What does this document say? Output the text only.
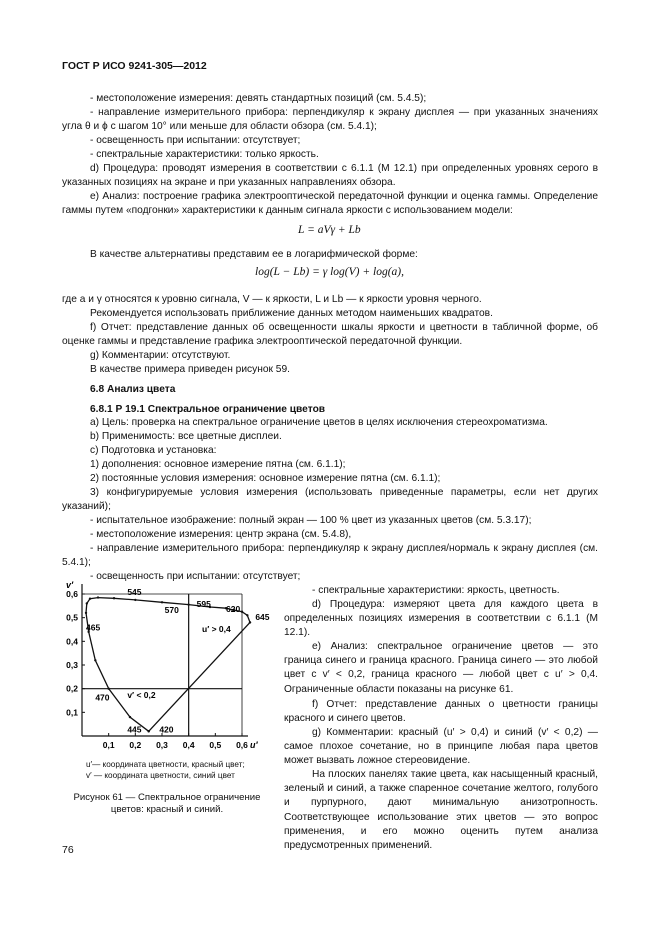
ГОСТ Р ИСО 9241-305—2012

- местоположение измерения: девять стандартных позиций (см. 5.4.5);

- направление измерительного прибора: перпендикуляр к экрану дисплея — при указанных значениях угла θ и ϕ с шагом 10° или меньше для области обзора (см. 5.4.1);

- освещенность при испытании: отсутствует;

- спектральные характеристики: только яркость.

d) Процедура: проводят измерения в соответствии с 6.1.1 (М 12.1) при определенных уровнях серого в указанных позициях на экране и при указанных направлениях обзора.

e) Анализ: построение графика электрооптической передаточной функции и оценка гаммы. Определение гаммы путем «подгонки» характеристики к данным сигнала яркости с использованием модели:

L = aVγ + Lb

В качестве альтернативы представим ее в логарифмической форме:

log(L − Lb) = γ log(V) + log(a),

где a и γ относятся к уровню сигнала, V — к яркости, L и Lb — к яркости уровня черного.

Рекомендуется использовать приближение данных методом наименьших квадратов.

f) Отчет: представление данных об освещенности шкалы яркости и цветности в табличной форме, об оценке гаммы и представление графика электрооптической передаточной функции.

g) Комментарии: отсутствуют.

В качестве примера приведен рисунок 59.

6.8 Анализ цвета

6.8.1 Р 19.1 Спектральное ограничение цветов

а) Цель: проверка на спектральное ограничение цветов в целях исключения стереохроматизма.

b) Применимость: все цветные дисплеи.

c) Подготовка и установка:

1) дополнения: основное измерение пятна (см. 6.1.1);

2) постоянные условия измерения: основное измерение пятна (см. 6.1.1);

3) конфигурируемые условия измерения (использовать приведенные параметры, если нет других указаний);

- испытательное изображение: полный экран — 100 % цвет из указанных цветов (см. 5.3.17);

- местоположение измерения: центр экрана (см. 5.4.8),

- направление измерительного прибора: перпендикуляр к экрану дисплея/нормаль к экрану дисплея (см. 5.4.1);

- освещенность при испытании: отсутствует;

- спектральные характеристики: яркость, цветность.

d) Процедура: измеряют цвета для каждого цвета в определенных позициях измерения в соответствии с 6.1.1 (М 12.1).

e) Анализ: спектральное ограничение цветов — это граница синего и граница красного. Граница синего — это любой цвет с v′ < 0,2, граница красного — любой цвет с u′ > 0,4. Ограниченные области показаны на рисунке 61.

f) Отчет: представление данных о цветности границы красного и синего цветов.

g) Комментарии: красный (u′ > 0,4) и синий (v′ < 0,2) — самое плохое сочетание, но в принципе любая пара цветов может вызвать ложное стереовидение.

На плоских панелях такие цвета, как насыщенный красный, зеленый и синий, а также спаренное сочетание желтого, голубого и пурпурного, дают минимальную анизотропность. Соответствующее использование этих цветов — это вопрос применения, и его можно оценить путем анализа предусмотренных применений.

0,1 0,2 0,3 0,4 0,5 0,6
0,1
0,2
0,3
0,4
0,5
0,6
u′
v′
545
570
595 620
645
465
470
445 420
u′ > 0,4
v′ < 0,2
u′— координата цветности, красный цвет;
v′ — координата цветности, синий цвет
Рисунок 61 — Спектральное ограничение цветов: красный и синий.
76
